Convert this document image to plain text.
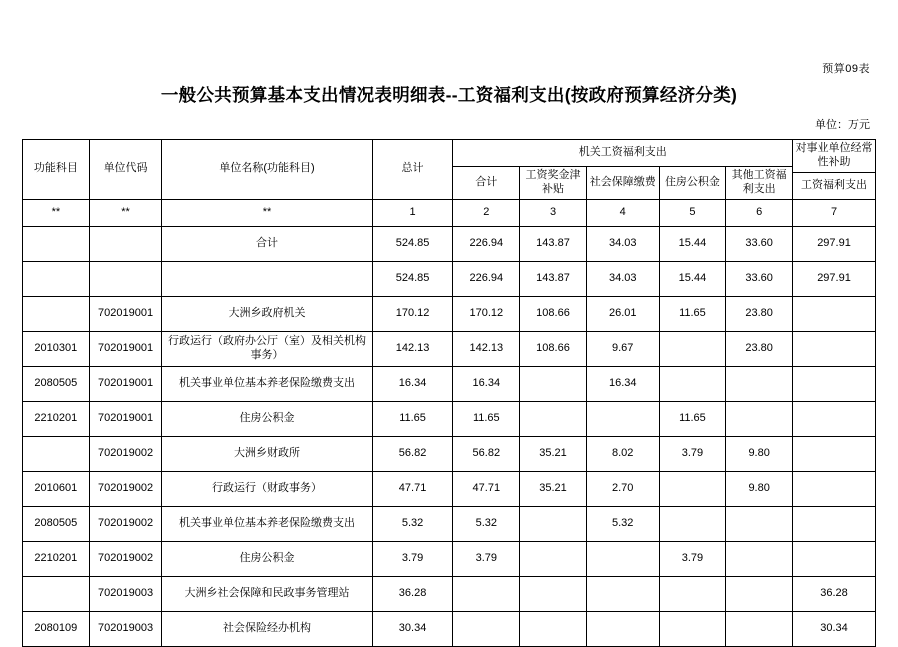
预算09表
一般公共预算基本支出情况表明细表--工资福利支出(按政府预算经济分类)
单位：万元
功能科目	单位代码	单位名称(功能科目)	总计	机关工资福利支出					对事业单位经常性补助
				合计	工资奖金津补贴	社会保障缴费	住房公积金	其他工资福利支出	
									工资福利支出
**	**	**	1	2	3	4	5	6	7
		合计	524.85	226.94	143.87	34.03	15.44	33.60	297.91
			524.85	226.94	143.87	34.03	15.44	33.60	297.91
	702019001	大洲乡政府机关	170.12	170.12	108.66	26.01	11.65	23.80	
2010301	702019001	行政运行（政府办公厅（室）及相关机构事务）	142.13	142.13	108.66	9.67		23.80	
2080505	702019001	机关事业单位基本养老保险缴费支出	16.34	16.34		16.34			
2210201	702019001	住房公积金	11.65	11.65			11.65		
	702019002	大洲乡财政所	56.82	56.82	35.21	8.02	3.79	9.80	
2010601	702019002	行政运行（财政事务）	47.71	47.71	35.21	2.70		9.80	
2080505	702019002	机关事业单位基本养老保险缴费支出	5.32	5.32		5.32			
2210201	702019002	住房公积金	3.79	3.79			3.79		
	702019003	大洲乡社会保障和民政事务管理站	36.28						36.28
2080109	702019003	社会保险经办机构	30.34						30.34
